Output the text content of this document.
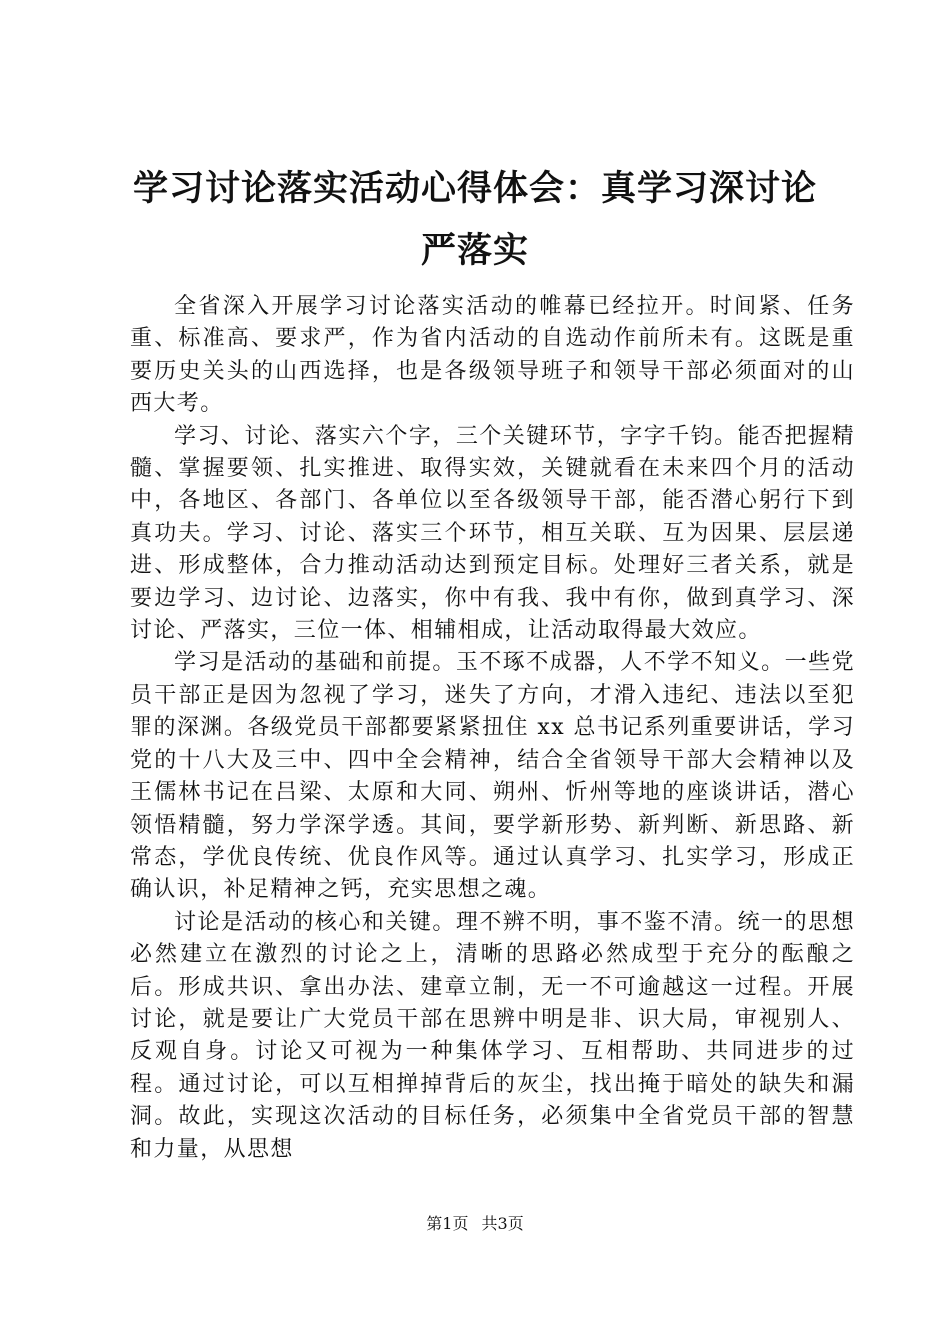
学习讨论落实活动心得体会：真学习深讨论严落实

全省深入开展学习讨论落实活动的帷幕已经拉开。时间紧、任务重、标准高、要求严，作为省内活动的自选动作前所未有。这既是重要历史关头的山西选择，也是各级领导班子和领导干部必须面对的山西大考。

学习、讨论、落实六个字，三个关键环节，字字千钧。能否把握精髓、掌握要领、扎实推进、取得实效，关键就看在未来四个月的活动中，各地区、各部门、各单位以至各级领导干部，能否潜心躬行下到真功夫。学习、讨论、落实三个环节，相互关联、互为因果、层层递进、形成整体，合力推动活动达到预定目标。处理好三者关系，就是要边学习、边讨论、边落实，你中有我、我中有你，做到真学习、深讨论、严落实，三位一体、相辅相成，让活动取得最大效应。

学习是活动的基础和前提。玉不琢不成器，人不学不知义。一些党员干部正是因为忽视了学习，迷失了方向，才滑入违纪、违法以至犯罪的深渊。各级党员干部都要紧紧扭住 xx 总书记系列重要讲话，学习党的十八大及三中、四中全会精神，结合全省领导干部大会精神以及王儒林书记在吕梁、太原和大同、朔州、忻州等地的座谈讲话，潜心领悟精髓，努力学深学透。其间，要学新形势、新判断、新思路、新常态，学优良传统、优良作风等。通过认真学习、扎实学习，形成正确认识，补足精神之钙，充实思想之魂。

讨论是活动的核心和关键。理不辨不明，事不鉴不清。统一的思想必然建立在激烈的讨论之上，清晰的思路必然成型于充分的酝酿之后。形成共识、拿出办法、建章立制，无一不可逾越这一过程。开展讨论，就是要让广大党员干部在思辨中明是非、识大局，审视别人、反观自身。讨论又可视为一种集体学习、互相帮助、共同进步的过程。通过讨论，可以互相掸掉背后的灰尘，找出掩于暗处的缺失和漏洞。故此，实现这次活动的目标任务，必须集中全省党员干部的智慧和力量，从思想

第1页 共3页
